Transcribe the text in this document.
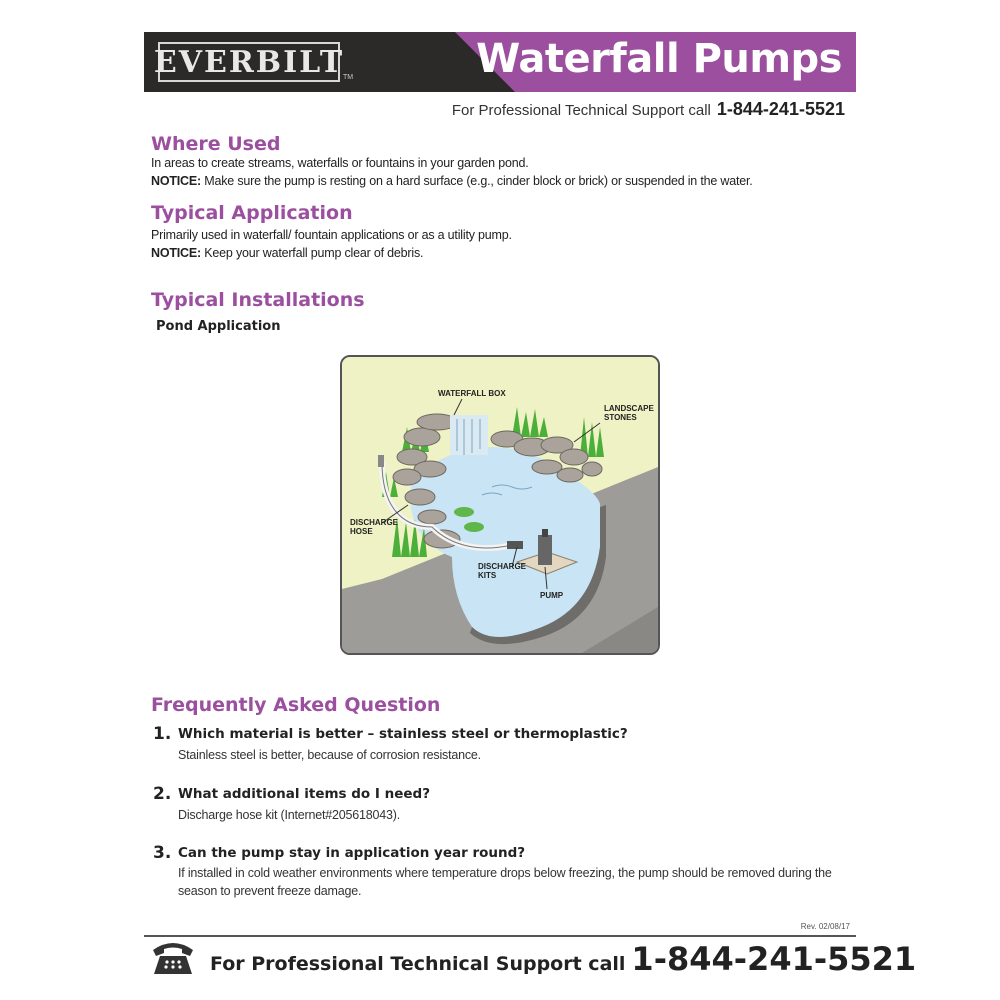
EVERBILT
TM	Waterfall Pumps
For Professional Technical Support call 1-844-241-5521
Where Used

In areas to create streams, waterfalls or fountains in your garden pond.

NOTICE: Make sure the pump is resting on a hard surface (e.g., cinder block or brick) or suspended in the water.

Typical Application

Primarily used in waterfall/ fountain applications or as a utility pump.

NOTICE: Keep your waterfall pump clear of debris.

Typical Installations
Pond Application
WATERFALL BOX
LANDSCAPE
STONES
DISCHARGE
HOSE
DISCHARGE
KITS
PUMP
Frequently Asked Question
1. Which material is better – stainless steel or thermoplastic?
Stainless steel is better, because of corrosion resistance.
2. What additional items do I need?
Discharge hose kit (Internet#205618043).
3. Can the pump stay in application year round?
If installed in cold weather environments where temperature drops below freezing, the pump should be removed during the season to prevent freeze damage.
Rev. 02/08/17
For Professional Technical Support call 1-844-241-5521
